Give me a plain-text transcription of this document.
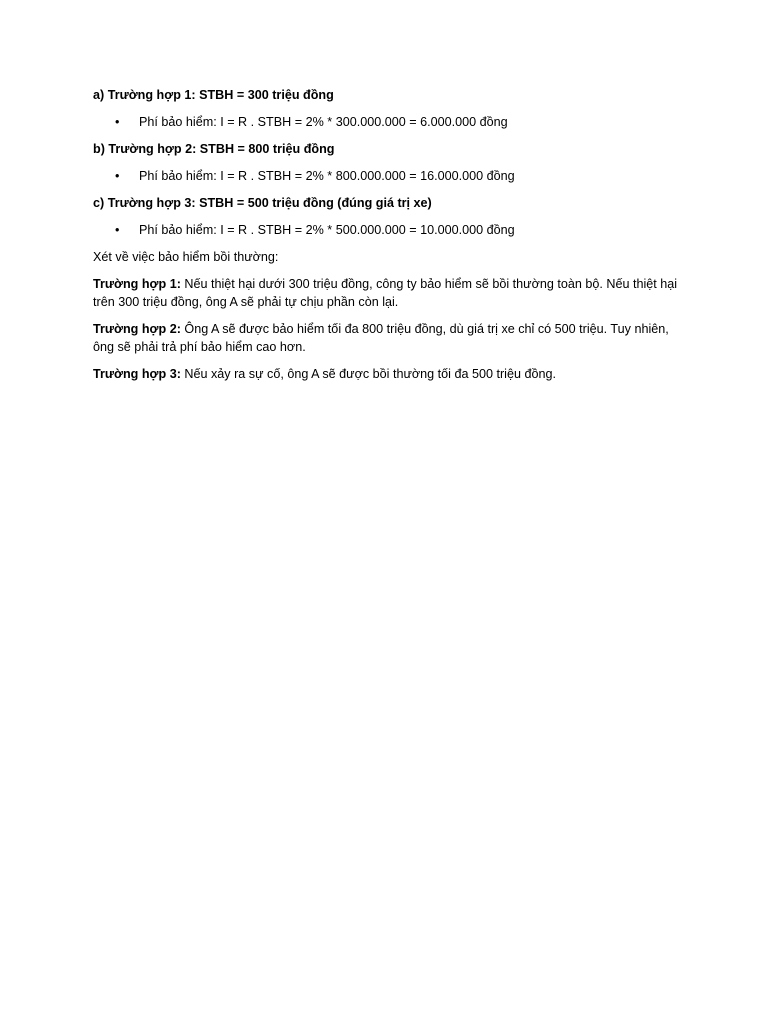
a) Trường hợp 1: STBH = 300 triệu đồng

• Phí bảo hiểm: I = R . STBH = 2% * 300.000.000 = 6.000.000 đồng

b) Trường hợp 2: STBH = 800 triệu đồng

• Phí bảo hiểm: I = R . STBH = 2% * 800.000.000 = 16.000.000 đồng

c) Trường hợp 3: STBH = 500 triệu đồng (đúng giá trị xe)

• Phí bảo hiểm: I = R . STBH = 2% * 500.000.000 = 10.000.000 đồng

Xét về việc bảo hiểm bồi thường:

Trường hợp 1: Nếu thiệt hại dưới 300 triệu đồng, công ty bảo hiểm sẽ bồi thường toàn bộ. Nếu thiệt hại trên 300 triệu đồng, ông A sẽ phải tự chịu phần còn lại.

Trường hợp 2: Ông A sẽ được bảo hiểm tối đa 800 triệu đồng, dù giá trị xe chỉ có 500 triệu. Tuy nhiên, ông sẽ phải trả phí bảo hiểm cao hơn.

Trường hợp 3: Nếu xảy ra sự cố, ông A sẽ được bồi thường tối đa 500 triệu đồng.
